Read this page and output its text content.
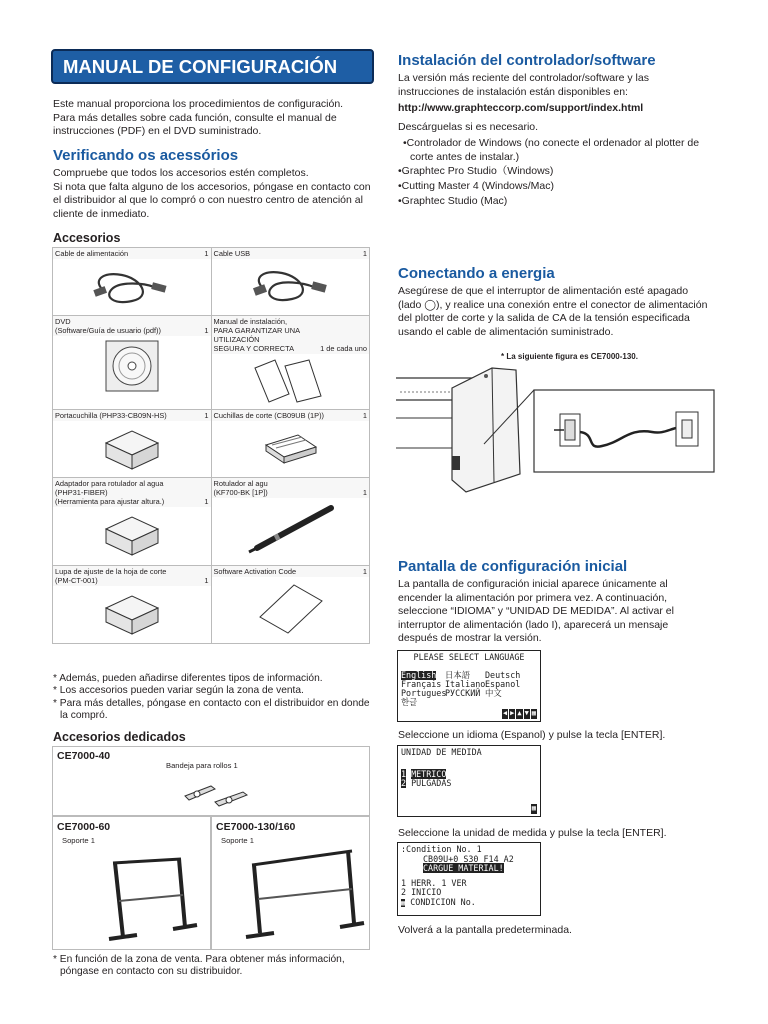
MANUAL DE CONFIGURACIÓN

Este manual proporciona los procedimientos de configuración.

Para más detalles sobre cada función, consulte el manual de instrucciones (PDF) en el DVD suministrado.

Verificando os acessórios

Compruebe que todos los accesorios estén completos.

Si nota que falta alguno de los accesorios, póngase en contacto con el distribuidor al que lo compró o con nuestro centro de atención al cliente de inmediato.

Accesorios
Cable de alimentación 1	Cable USB 1

DVD
(Software/Guía de usuario (pdf)) 1	Manual de instalación,
PARA GARANTIZAR UNA UTILIZACIÓN
SEGURA Y CORRECTA 1 de cada uno

Portacuchilla (PHP33-CB09N-HS) 1	Cuchillas de corte (CB09UB (1P)) 1

Adaptador para rotulador al agua
(PHP31-FIBER)
(Herramienta para ajustar altura.) 1	Rotulador al agu
(KF700-BK [1P]) 1

Lupa de ajuste de la hoja de corte
(PM-CT-001) 1	Software Activation Code 1

* Además, pueden añadirse diferentes tipos de información.

* Los accesorios pueden variar según la zona de venta.

* Para más detalles, póngase en contacto con el distribuidor en donde la compró.

Accesorios dedicados
CE7000-40
Bandeja para rollos 1
CE7000-60
Soporte 1
CE7000-130/160
Soporte 1
* En función de la zona de venta. Para obtener más información, póngase en contacto con su distribuidor.
Instalación del controlador/software
La versión más reciente del controlador/software y las instrucciones de instalación están disponibles en:
http://www.graphteccorp.com/support/index.html
Descárguelas si es necesario.
•Controlador de Windows (no conecte el ordenador al plotter de corte antes de instalar.)
•Graphtec Pro Studio（Windows)
•Cutting Master 4 (Windows/Mac)
•Graphtec Studio (Mac)
Conectando a energia
Asegúrese de que el interruptor de alimentación esté apagado (lado ◯), y realice una conexión entre el conector de alimentación del plotter de corte y la salida de CA de la tensión especificada usando el cable de alimentación suministrado.
* La siguiente figura es CE7000-130.
Pantalla de configuración inicial
La pantalla de configuración inicial aparece únicamente al encender la alimentación por primera vez. A continuación, seleccione “IDIOMA” y “UNIDAD DE MEDIDA”. Al activar el interruptor de alimentación (lado I), aparecerá un mensaje después de mostrar la versión.
PLEASE SELECT LANGUAGE
English 日本語	Deutsch
Français Italiano Espanol
Portugues
РУССКИЙ 中文
한글
◀ ▶ ▲ ▼ ▦
Seleccione un idioma (Espanol) y pulse la tecla [ENTER].
UNIDAD DE MEDIDA
1 METRICO
2 PULGADAS
▦
Seleccione la unidad de medida y pulse la tecla [ENTER].
:Condition No. 1
CB09U+0 S30 F14 A2
CARGUE MATERIAL!
1 HERR. 1 VER
2 INICIO
▦ CONDICION No.
Volverá a la pantalla predeterminada.
